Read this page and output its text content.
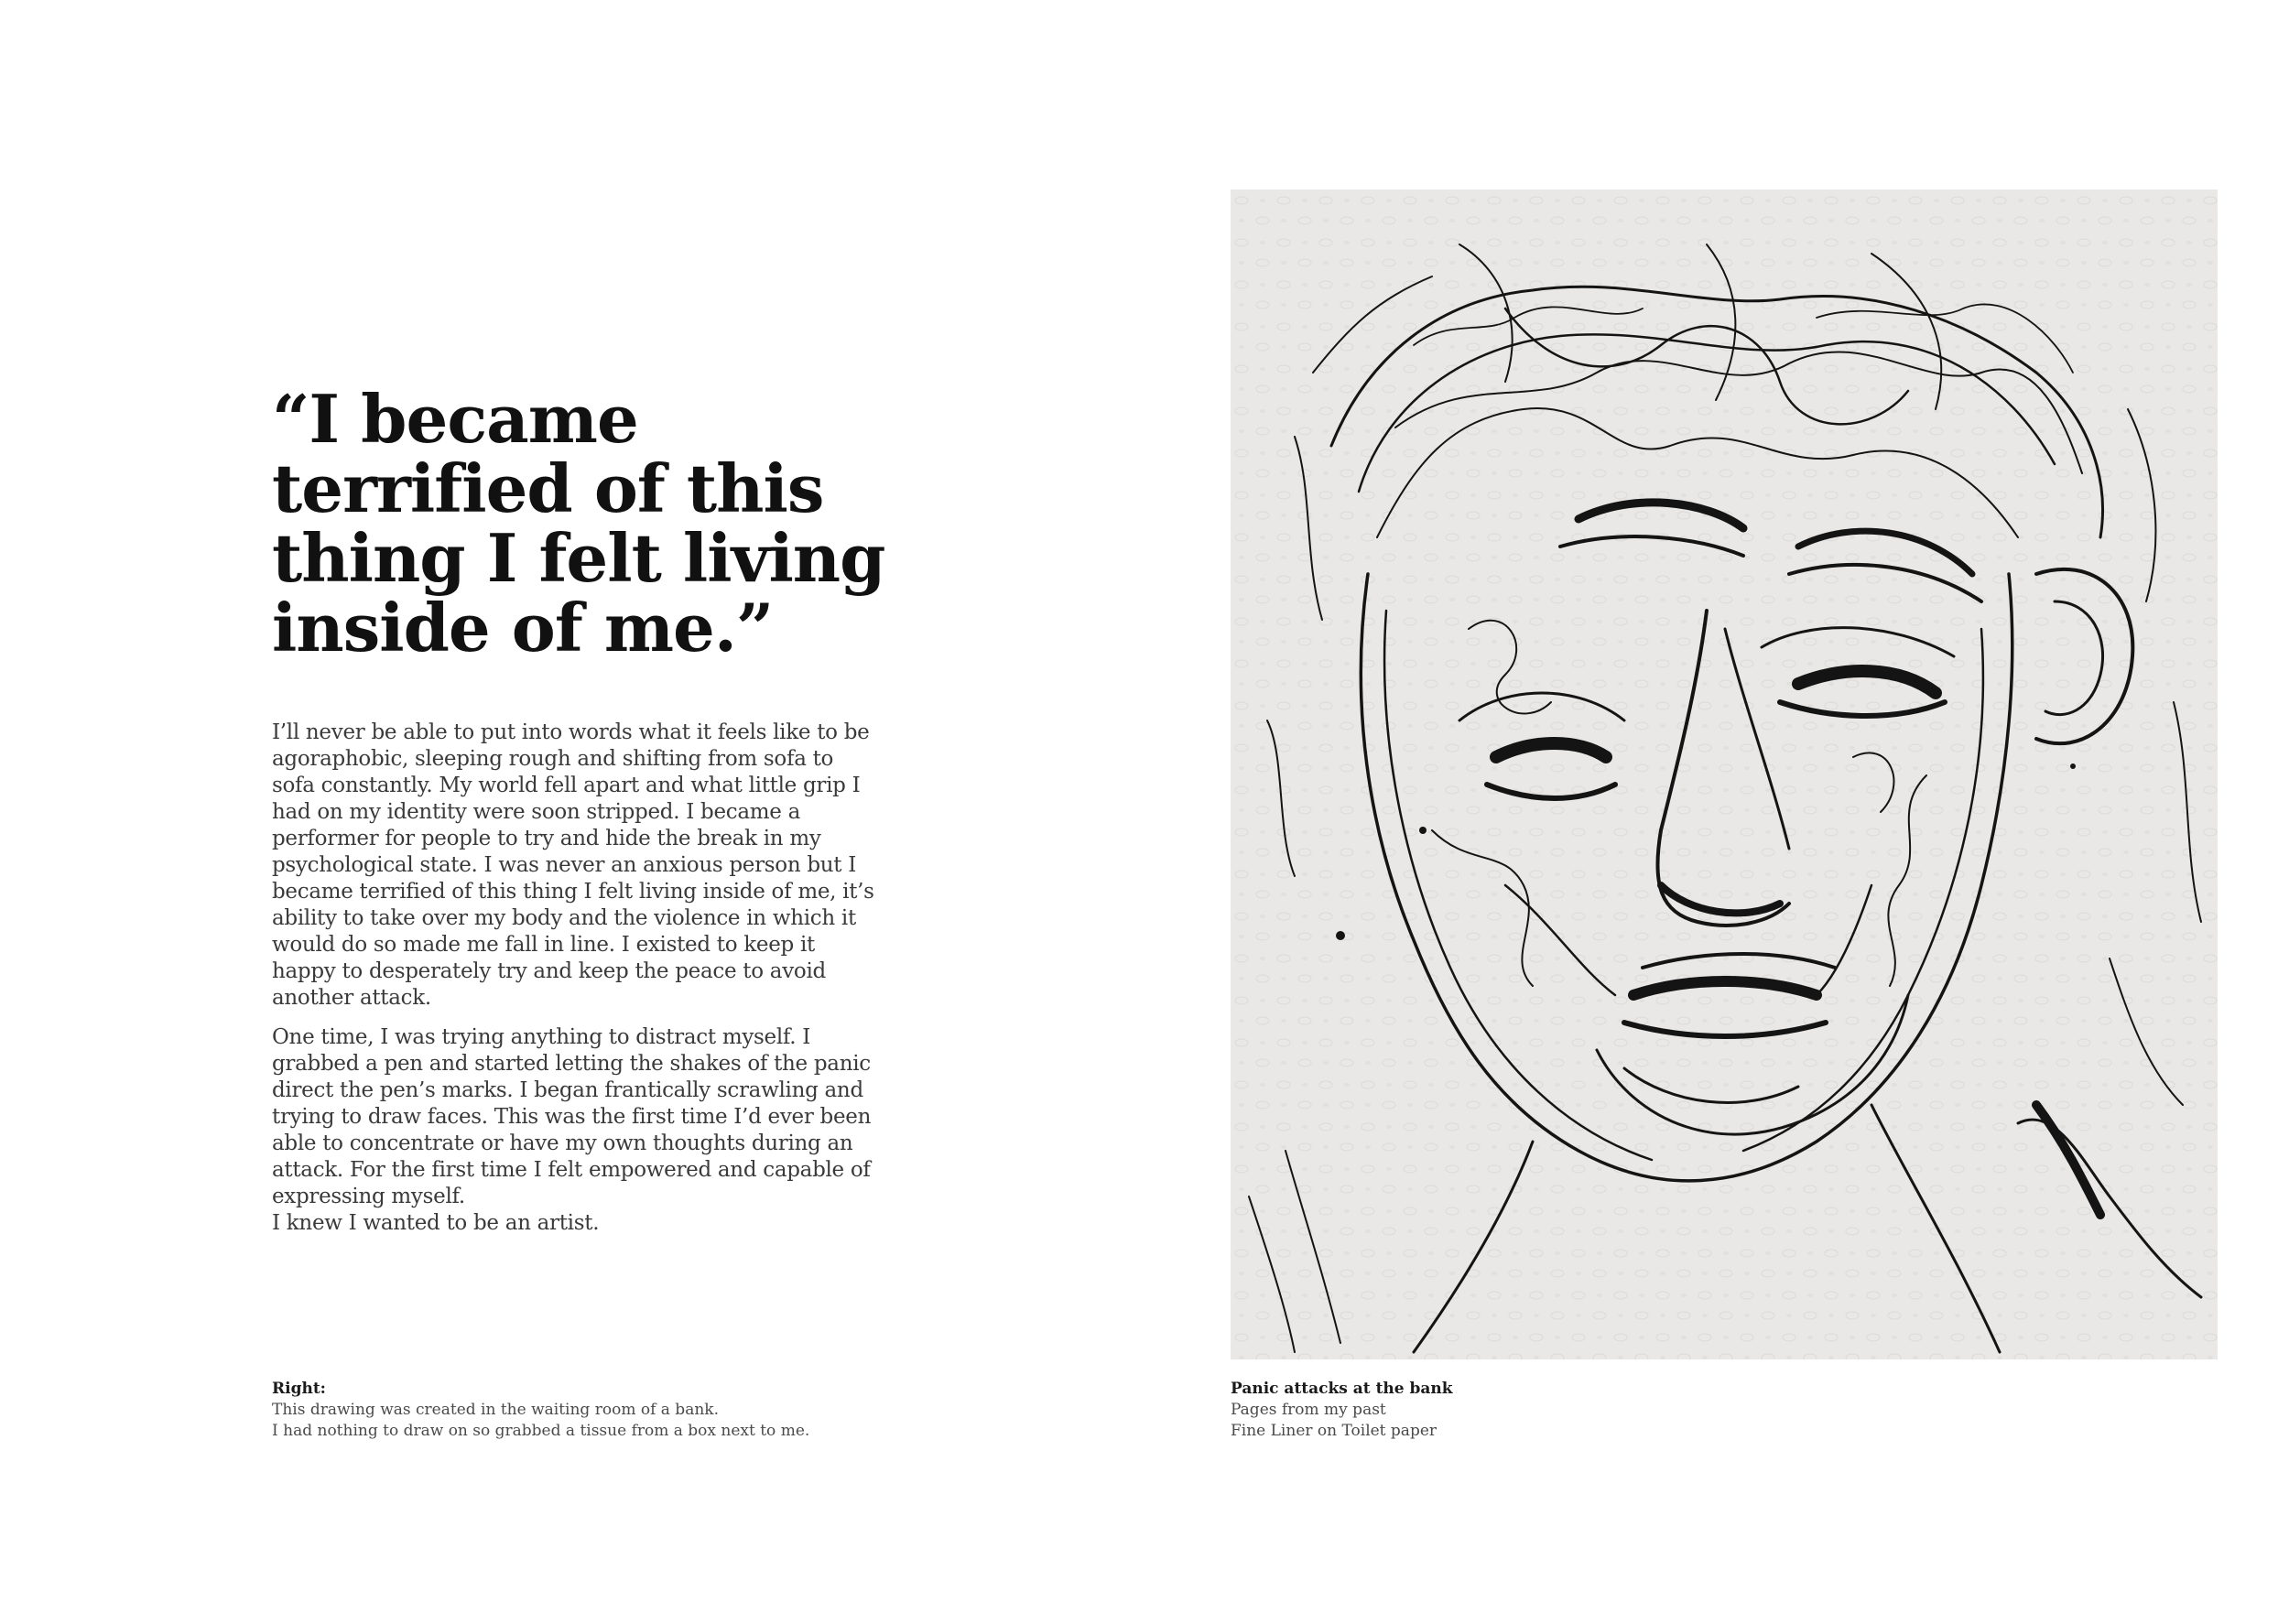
“I became terrified of this thing I felt living inside of me.”

I’ll never be able to put into words what it feels like to be agoraphobic, sleeping rough and shifting from sofa to sofa constantly. My world fell apart and what little grip I had on my identity were soon stripped. I became a performer for people to try and hide the break in my psychological state. I was never an anxious person but I became terrified of this thing I felt living inside of me, it’s ability to take over my body and the violence in which it would do so made me fall in line. I existed to keep it happy to desperately try and keep the peace to avoid another attack.

One time, I was trying anything to distract myself. I grabbed a pen and started letting the shakes of the panic direct the pen’s marks. I began frantically scrawling and trying to draw faces. This was the first time I’d ever been able to concentrate or have my own thoughts during an attack. For the first time I felt empowered and capable of expressing myself.
I knew I wanted to be an artist.

Right:
This drawing was created in the waiting room of a bank.
I had nothing to draw on so grabbed a tissue from a box next to me.
Panic attacks at the bank
Pages from my past
Fine Liner on Toilet paper
